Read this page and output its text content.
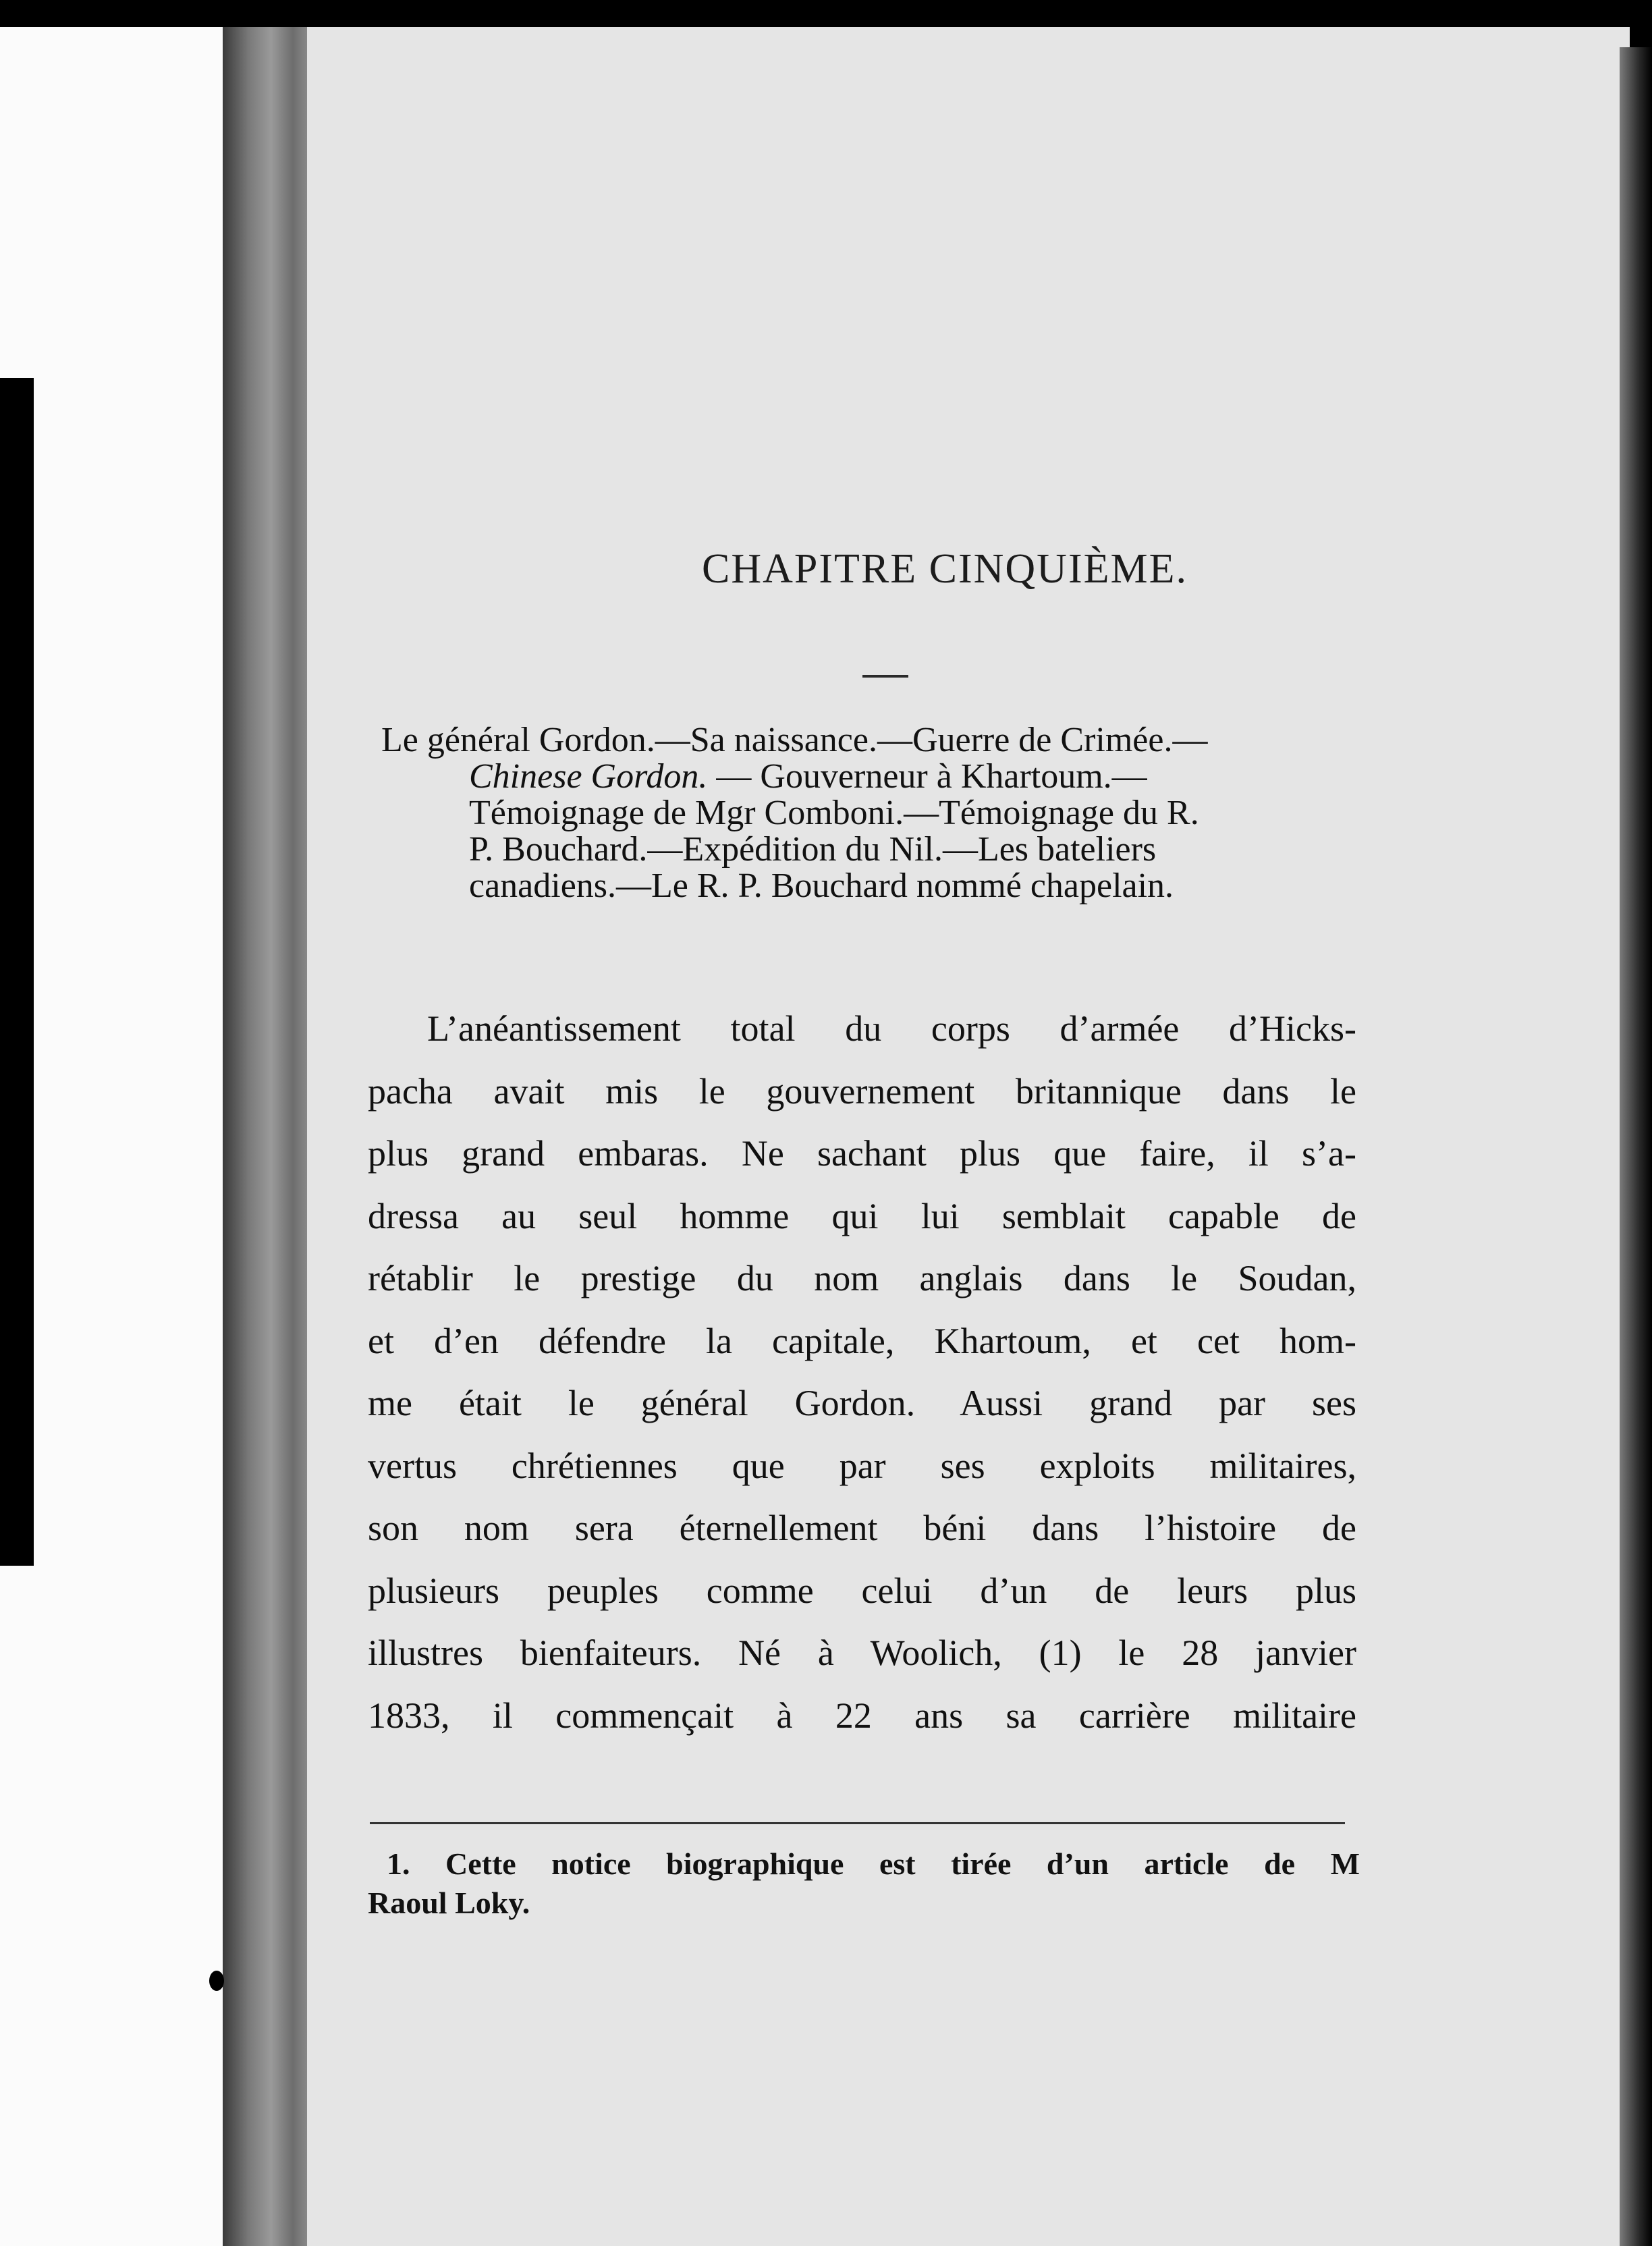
CHAPITRE CINQUIÈME.
Le général Gordon.—Sa naissance.—Guerre de Crimée.—
Chinese Gordon. — Gouverneur à Khartoum.—
Témoignage de Mgr Comboni.—Témoignage du R.
P. Bouchard.—Expédition du Nil.—Les bateliers
canadiens.—Le R. P. Bouchard nommé chapelain.
L’anéantissement total du corps d’armée d’Hicks-
pacha avait mis le gouvernement britannique dans le
plus grand embaras. Ne sachant plus que faire, il s’a-
dressa au seul homme qui lui semblait capable de
rétablir le prestige du nom anglais dans le Soudan,
et d’en défendre la capitale, Khartoum, et cet hom-
me était le général Gordon. Aussi grand par ses
vertus chrétiennes que par ses exploits militaires,
son nom sera éternellement béni dans l’histoire de
plusieurs peuples comme celui d’un de leurs plus
illustres bienfaiteurs. Né à Woolich, (1) le 28 janvier
1833, il commençait à 22 ans sa carrière militaire
1. Cette notice biographique est tirée d’un article de M
Raoul Loky.
